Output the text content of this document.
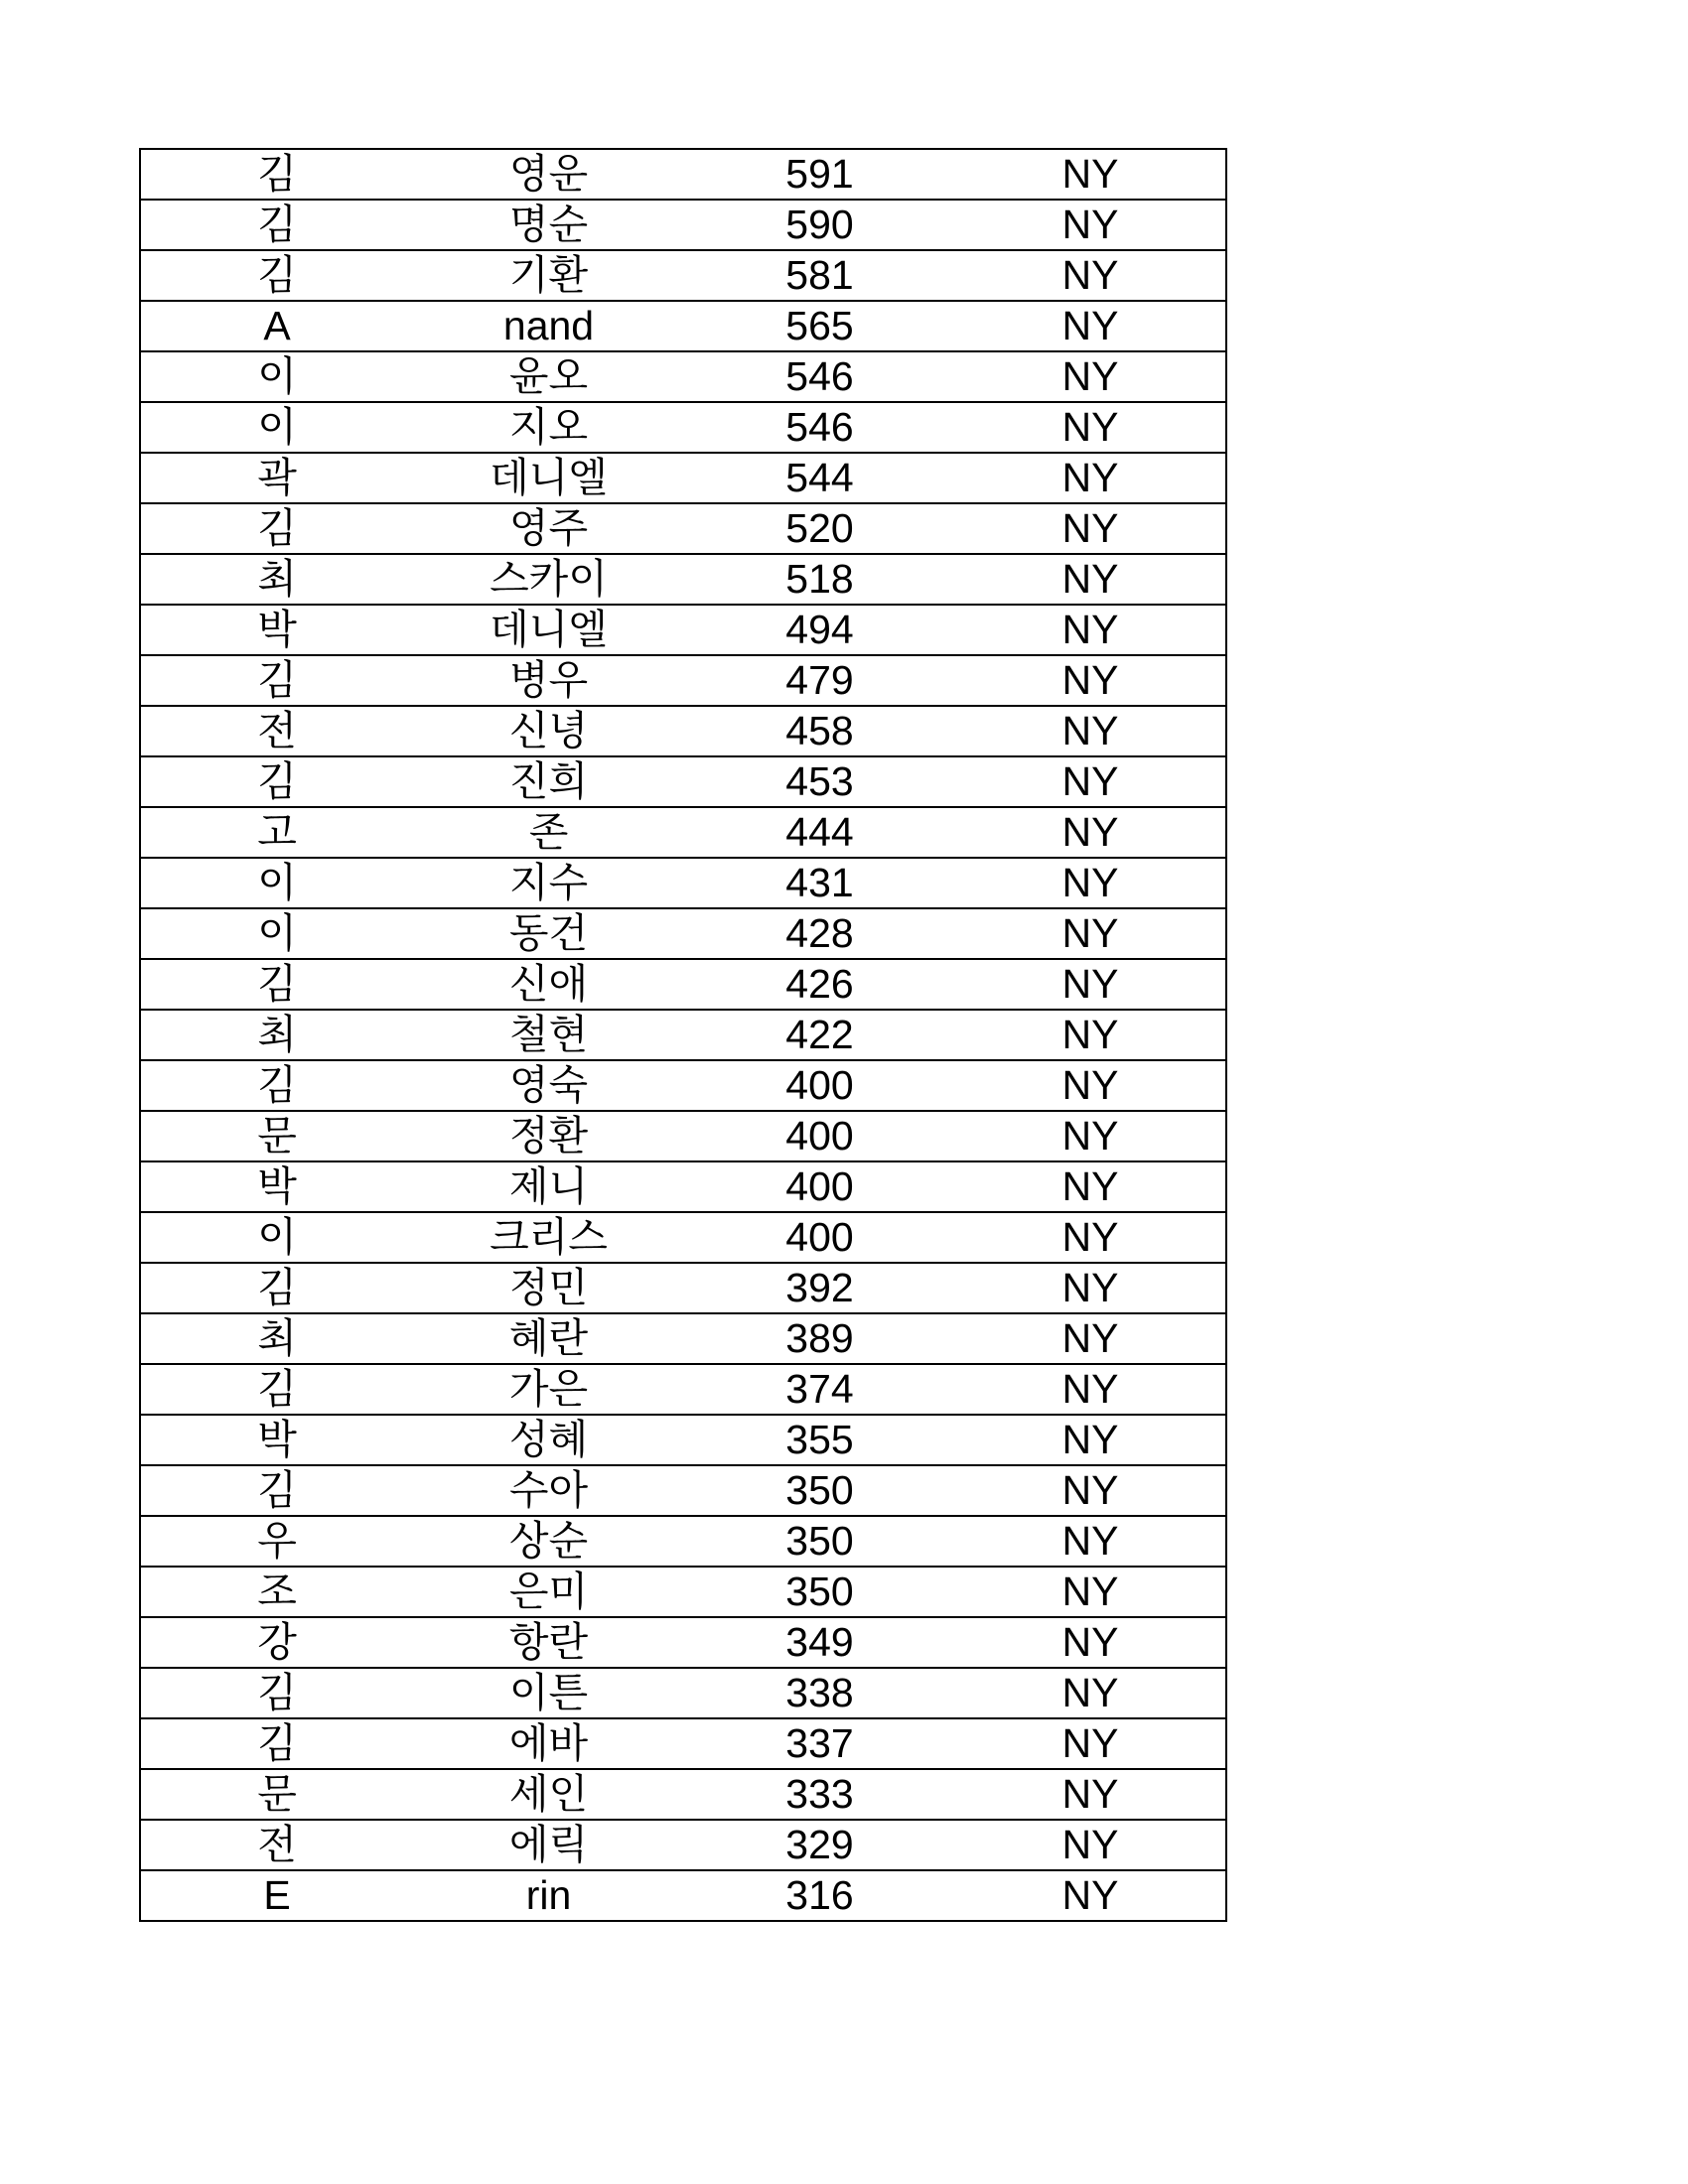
김	영운	591	NY
김	명순	590	NY
김	기환	581	NY
A	nand	565	NY
이	윤오	546	NY
이	지오	546	NY
곽	데니엘	544	NY
김	영주	520	NY
최	스카이	518	NY
박	데니엘	494	NY
김	병우	479	NY
전	신녕	458	NY
김	진희	453	NY
고	존	444	NY
이	지수	431	NY
이	동건	428	NY
김	신애	426	NY
최	철현	422	NY
김	영숙	400	NY
문	정환	400	NY
박	제니	400	NY
이	크리스	400	NY
김	정민	392	NY
최	혜란	389	NY
김	가은	374	NY
박	성혜	355	NY
김	수아	350	NY
우	상순	350	NY
조	은미	350	NY
강	항란	349	NY
김	이튼	338	NY
김	에바	337	NY
문	세인	333	NY
전	에릭	329	NY
E	rin	316	NY
